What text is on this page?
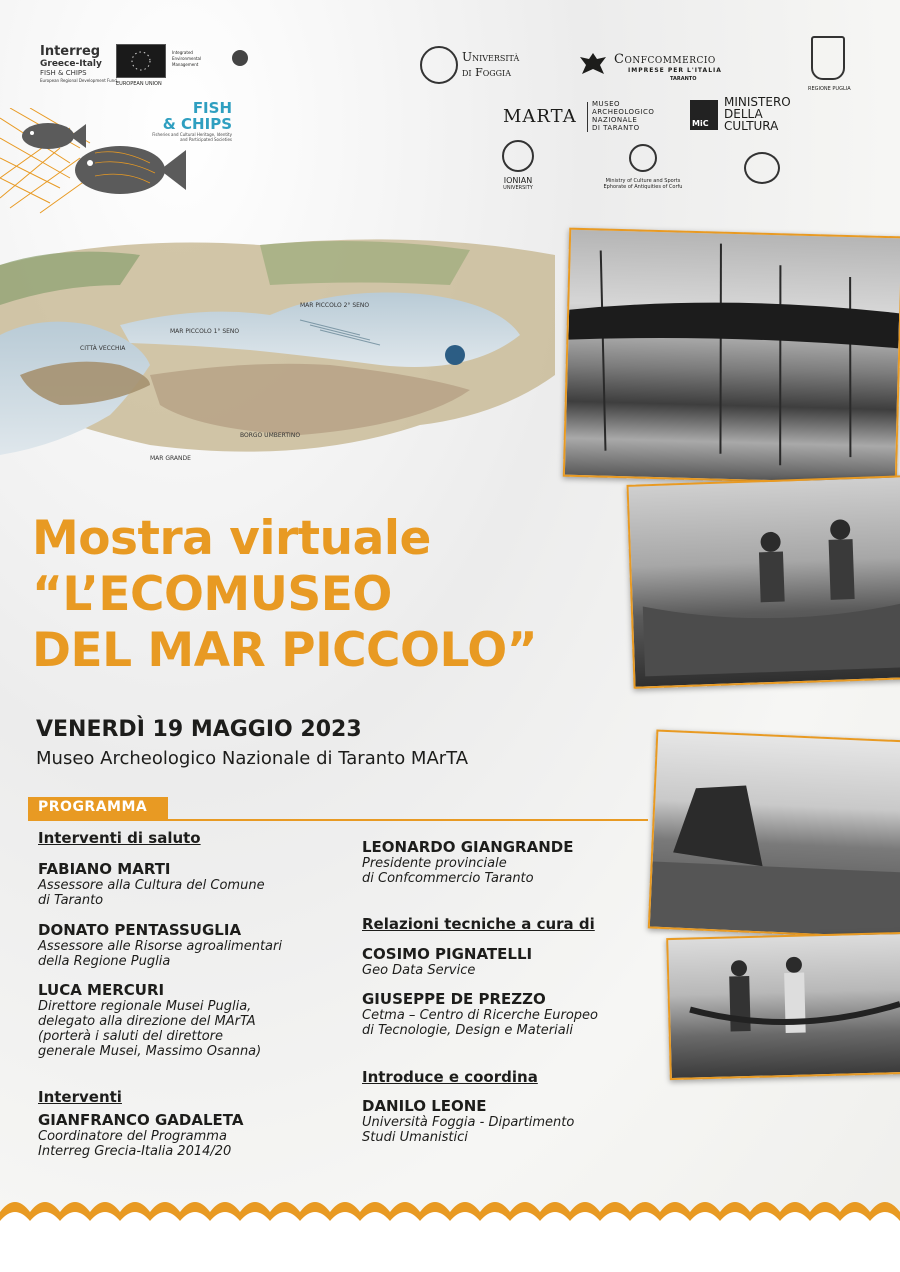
Interreg
Greece-Italy
FISH & CHIPS
European Regional Development Fund
EUROPEAN UNION
Integrated Environmental Management
FISH
& CHIPS
Fisheries and Cultural Heritage, Identity and Participated Societies
Università
di Foggia
Confcommercio
IMPRESE PER L'ITALIA
TARANTO
REGIONE PUGLIA
MARTA
MUSEO
ARCHEOLOGICO
NAZIONALE
DI TARANTO	MiC
MINISTERO
DELLA
CULTURA
IONIAN
UNIVERSITY
Ministry of Culture and Sports
Ephorate of Antiquities of Corfu
MAR PICCOLO 2° SENO
MAR PICCOLO 1° SENO
CITTÀ VECCHIA
MAR GRANDE
BORGO UMBERTINO
Mostra virtuale
“L’ECOMUSEO
DEL MAR PICCOLO”
VENERDÌ 19 MAGGIO 2023
Museo Archeologico Nazionale di Taranto MArTA
PROGRAMMA
Interventi di saluto
FABIANO MARTI
Assessore alla Cultura del Comune
di Taranto
DONATO PENTASSUGLIA
Assessore alle Risorse agroalimentari
della Regione Puglia
LUCA MERCURI
Direttore regionale Musei Puglia,
delegato alla direzione del MArTA
(porterà i saluti del direttore
generale Musei, Massimo Osanna)
Interventi
GIANFRANCO GADALETA
Coordinatore del Programma
Interreg Grecia-Italia 2014/20
LEONARDO GIANGRANDE
Presidente provinciale
di Confcommercio Taranto
Relazioni tecniche a cura di
COSIMO PIGNATELLI
Geo Data Service
GIUSEPPE DE PREZZO
Cetma – Centro di Ricerche Europeo
di Tecnologie, Design e Materiali
Introduce e coordina
DANILO LEONE
Università Foggia - Dipartimento
Studi Umanistici
